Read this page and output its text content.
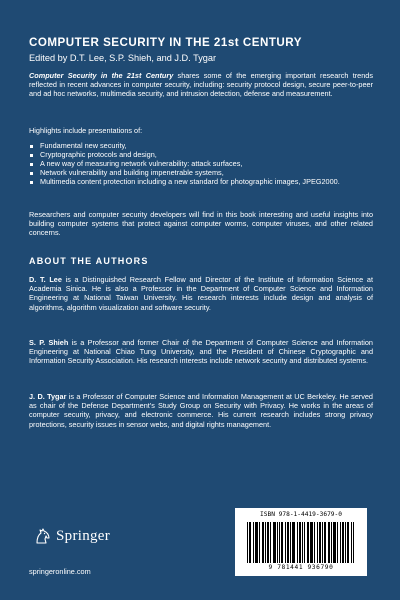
COMPUTER SECURITY IN THE 21st CENTURY
Edited by D.T. Lee, S.P. Shieh, and J.D. Tygar

Computer Security in the 21st Century shares some of the emerging important research trends reflected in recent advances in computer security, including: security protocol design, secure peer-to-peer and ad hoc networks, multimedia security, and intrusion detection, defense and measurement.

Highlights include presentations of:
Fundamental new security,
Cryptographic protocols and design,
A new way of measuring network vulnerability: attack surfaces,
Network vulnerability and building impenetrable systems,
Multimedia content protection including a new standard for photographic images, JPEG2000.
Researchers and computer security developers will find in this book interesting and useful insights into building computer systems that protect against computer worms, computer viruses, and other related concerns.
ABOUT THE AUTHORS

D. T. Lee is a Distinguished Research Fellow and Director of the Institute of Information Science at Academia Sinica. He is also a Professor in the Department of Computer Science and Information Engineering at National Taiwan University. His research interests include design and analysis of algorithms, algorithm visualization and software security.

S. P. Shieh is a Professor and former Chair of the Department of Computer Science and Information Engineering at National Chiao Tung University, and the President of Chinese Cryptographic and Information Security Association. His research interests include network security and distributed systems.

J. D. Tygar is a Professor of Computer Science and Information Management at UC Berkeley. He served as chair of the Defense Department's Study Group on Security with Privacy. He works in the areas of computer security, privacy, and electronic commerce. His current research includes strong privacy protections, security issues in sensor webs, and digital rights management.

Springer
springeronline.com
ISBN 978-1-4419-3679-0
9 781441 936790
